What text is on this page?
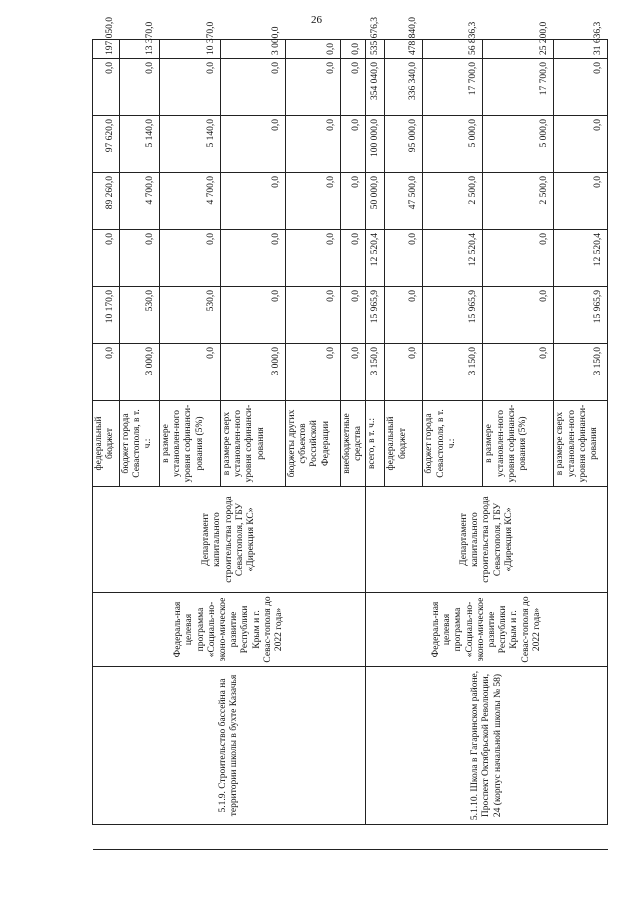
26
	5.1.9. Строительство бассейна на территории школы в бухте Казачья	Федераль-ная целевая программа «Социаль-но-эконо-мическое развитие Республики Крым и г. Севас-тополя до 2022 года»	Департамент капитального строительства города Севастополя, ГБУ «Дирекция КС»	федеральный бюджет	0,0	10 170,0	0,0	89 260,0	97 620,0	0,0	197 050,0	
				бюджет города Севастополя, в т. ч.:	3 000,0	530,0	0,0	4 700,0	5 140,0	0,0	13 370,0	
				в размере установлен-ного уровня софинанси-рования (5%)	0,0	530,0	0,0	4 700,0	5 140,0	0,0	10 370,0	
				в размере сверх установлен-ного уровня софинанси-рования	3 000,0	0,0	0,0	0,0	0,0	0,0	3 000,0	
				бюджеты других субъектов Российской Федерации	0,0	0,0	0,0	0,0	0,0	0,0	0,0	
				внебюджетные средства	0,0	0,0	0,0	0,0	0,0	0,0	0,0	
	5.1.10. Школа в Гагаринском районе, Проспект Октябрьской Революции, 24 (корпус начальной школы № 58)	Федераль-ная целевая программа «Социаль-но-эконо-мическое развитие Республики Крым и г. Севас-тополя до 2022 года»	Департамент капитального строительства города Севастополя, ГБУ «Дирекция КС»	всего, в т. ч.:	3 150,0	15 965,9	12 520,4	50 000,0	100 000,0	354 040,0	535 676,3	
				федеральный бюджет	0,0	0,0	0,0	47 500,0	95 000,0	336 340,0	478 840,0	
				бюджет города Севастополя, в т. ч.:	3 150,0	15 965,9	12 520,4	2 500,0	5 000,0	17 700,0	56 836,3	
				в размере установлен-ного уровня софинанси-рования (5%)	0,0	0,0	0,0	2 500,0	5 000,0	17 700,0	25 200,0	
				в размере сверх установлен-ного уровня софинанси-рования	3 150,0	15 965,9	12 520,4	0,0	0,0	0,0	31 636,3	
